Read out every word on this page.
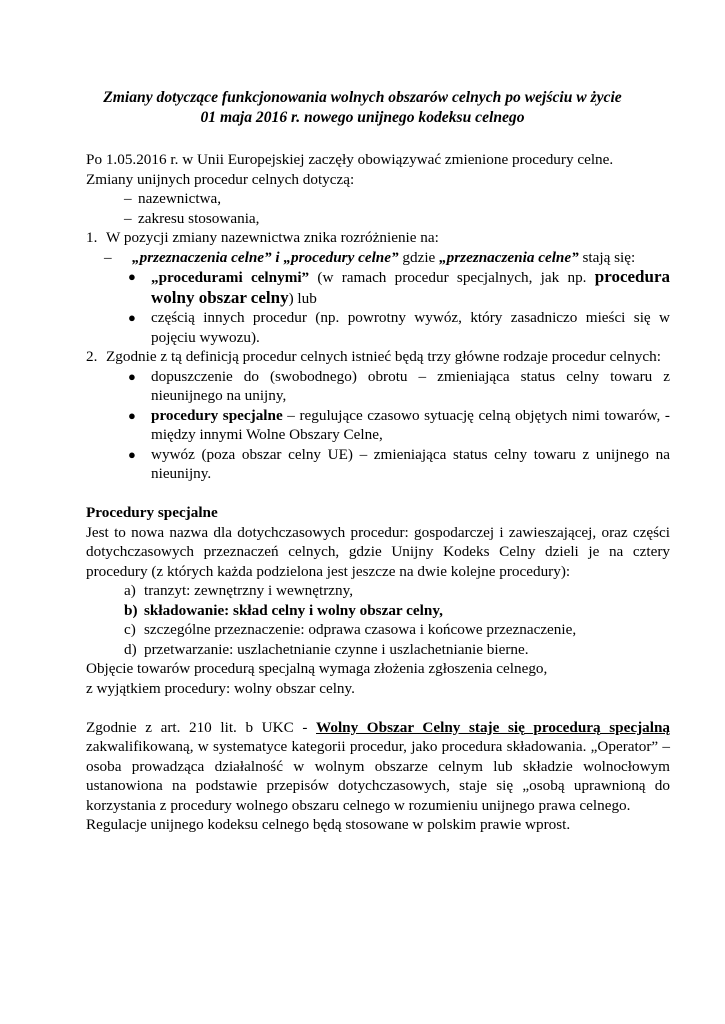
Zmiany dotyczące funkcjonowania wolnych obszarów celnych po wejściu w życie
01 maja 2016 r. nowego unijnego kodeksu celnego

Po 1.05.2016 r. w Unii Europejskiej zaczęły obowiązywać zmienione procedury celne.

Zmiany unijnych procedur celnych dotyczą:

– nazewnictwa,
– zakresu stosowania,
1. W pozycji zmiany nazewnictwa znika rozróżnienie na:
–	„przeznaczenia celne” i „procedury celne” gdzie „przeznaczenia celne” stają się:
● „procedurami celnymi” (w ramach procedur specjalnych, jak np. procedura wolny obszar celny) lub
● częścią innych procedur (np. powrotny wywóz, który zasadniczo mieści się w pojęciu wywozu).
2. Zgodnie z tą definicją procedur celnych istnieć będą trzy główne rodzaje procedur celnych:
● dopuszczenie do (swobodnego) obrotu – zmieniająca status celny towaru z nieunijnego na unijny,
● procedury specjalne – regulujące czasowo sytuację celną objętych nimi towarów, - między innymi Wolne Obszary Celne,
● wywóz (poza obszar celny UE) – zmieniająca status celny towaru z unijnego na nieunijny.

Procedury specjalne

Jest to nowa nazwa dla dotychczasowych procedur: gospodarczej i zawieszającej, oraz części dotychczasowych przeznaczeń celnych, gdzie Unijny Kodeks Celny dzieli je na cztery procedury (z których każda podzielona jest jeszcze na dwie kolejne procedury):

a) tranzyt: zewnętrzny i wewnętrzny,
b) składowanie: skład celny i wolny obszar celny,
c) szczególne przeznaczenie: odprawa czasowa i końcowe przeznaczenie,
d) przetwarzanie: uszlachetnianie czynne i uszlachetnianie bierne.

Objęcie towarów procedurą specjalną wymaga złożenia zgłoszenia celnego,

z wyjątkiem procedury: wolny obszar celny.

Zgodnie z art. 210 lit. b UKC - Wolny Obszar Celny staje się procedurą specjalną zakwalifikowaną, w systematyce kategorii procedur, jako procedura składowania. „Operator” – osoba prowadząca działalność w wolnym obszarze celnym lub składzie wolnocłowym ustanowiona na podstawie przepisów dotychczasowych, staje się „osobą uprawnioną do korzystania z procedury wolnego obszaru celnego w rozumieniu unijnego prawa celnego.

Regulacje unijnego kodeksu celnego będą stosowane w polskim prawie wprost.
